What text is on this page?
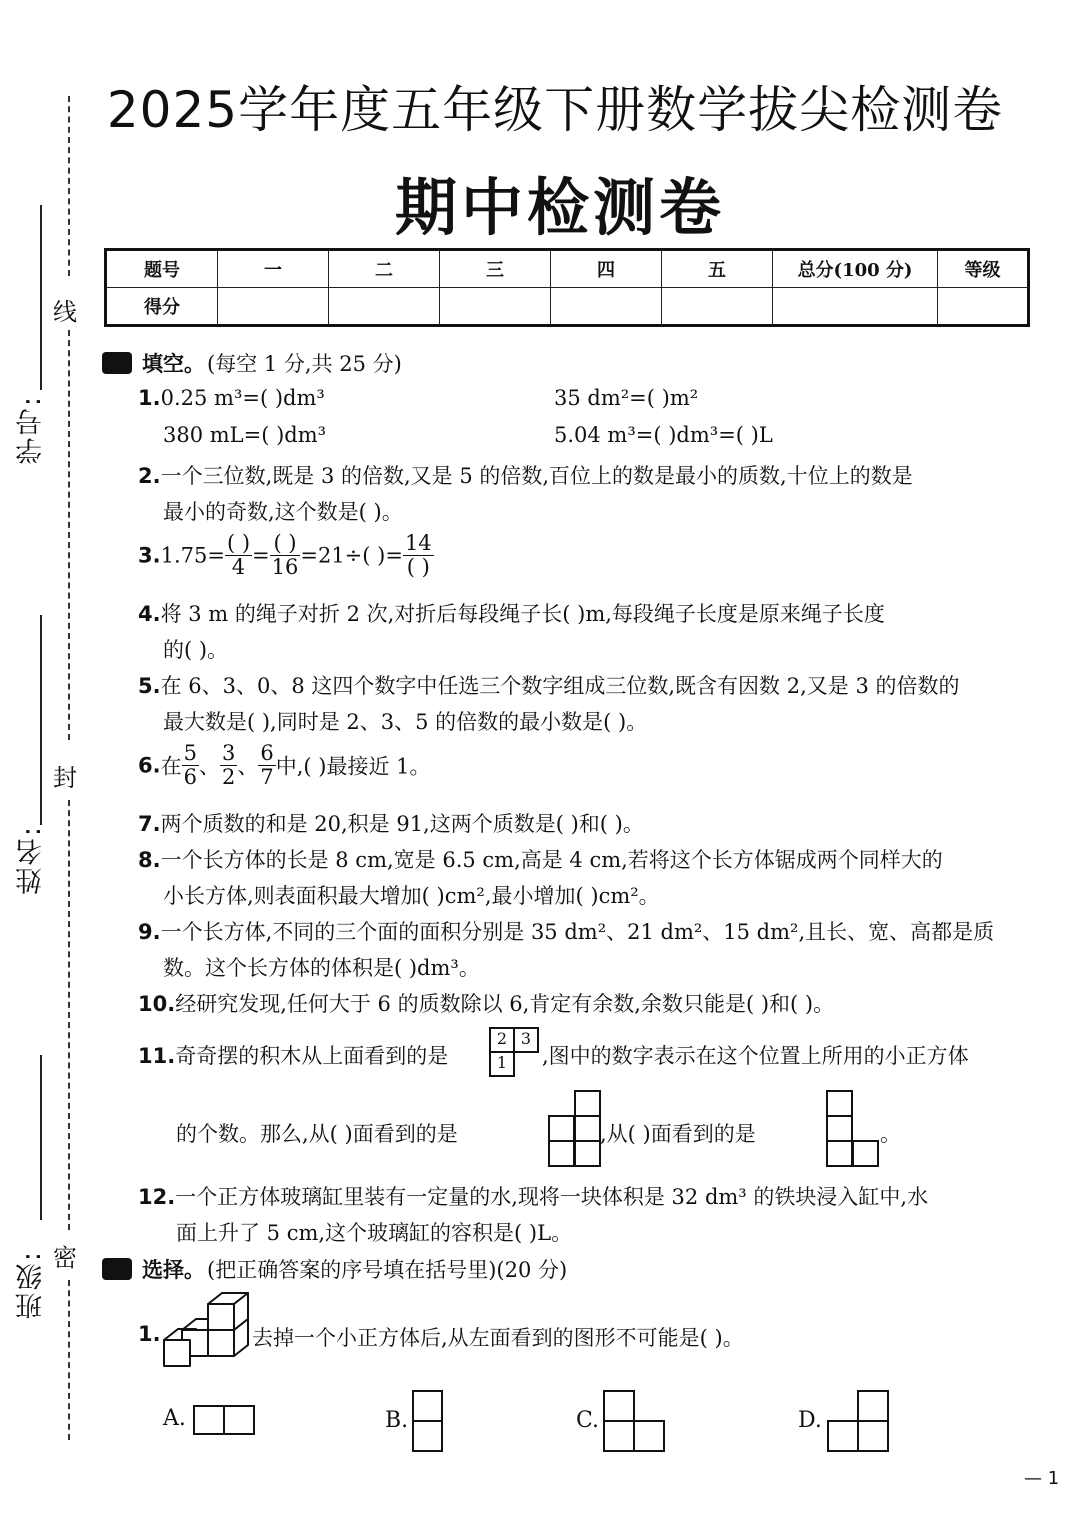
线
封
密
学号:
姓名:
班级:
2025学年度五年级下册数学拔尖检测卷
期中检测卷
题号	一	二	三	四	五	总分(100 分)	等级
得分							
填空。 (每空 1 分,共 25 分)
1.0.25 m³=( )dm³	35 dm²=( )m²
380 mL=( )dm³	5.04 m³=( )dm³=( )L
2.一个三位数,既是 3 的倍数,又是 5 的倍数,百位上的数是最小的质数,十位上的数是
最小的奇数,这个数是( )。
$3.1.75= \frac{( )}{4} = \frac{( )}{16} =21\div$( )= $\frac{14}{( )}$
4.将 3 m 的绳子对折 2 次,对折后每段绳子长( )m,每段绳子长度是原来绳子长度
的( )。
5.在 6、3、0、8 这四个数字中任选三个数字组成三位数,既含有因数 2,又是 3 的倍数的
最大数是( ),同时是 2、3、5 的倍数的最小数是( )。
6.在 $\frac{5}{6}$ 、 $\frac{3}{2}$ 、 $\frac{6}{7}$ 中,( )最接近 1。
7.两个质数的和是 20,积是 91,这两个质数是( )和( )。
8.一个长方体的长是 8 cm,宽是 6.5 cm,高是 4 cm,若将这个长方体锯成两个同样大的
小长方体,则表面积最大增加( )cm²,最小增加( )cm²。
9.一个长方体,不同的三个面的面积分别是 35 dm²、21 dm²、15 dm²,且长、宽、高都是质
数。这个长方体的体积是( )dm³。
10.经研究发现,任何大于 6 的质数除以 6,肯定有余数,余数只能是( )和( )。
11.奇奇摆的积木从上面看到的是
2 3
1	,图中的数字表示在这个位置上所用的小正方体
的个数。那么,从( )面看到的是	,从( )面看到的是	。
12.一个正方体玻璃缸里装有一定量的水,现将一块体积是 32 dm³ 的铁块浸入缸中,水
面上升了 5 cm,这个玻璃缸的容积是( )L。
选择。 (把正确答案的序号填在括号里)(20 分)
1.	去掉一个小正方体后,从左面看到的图形不可能是( )。
A.	B.	C.	D.
— 1
